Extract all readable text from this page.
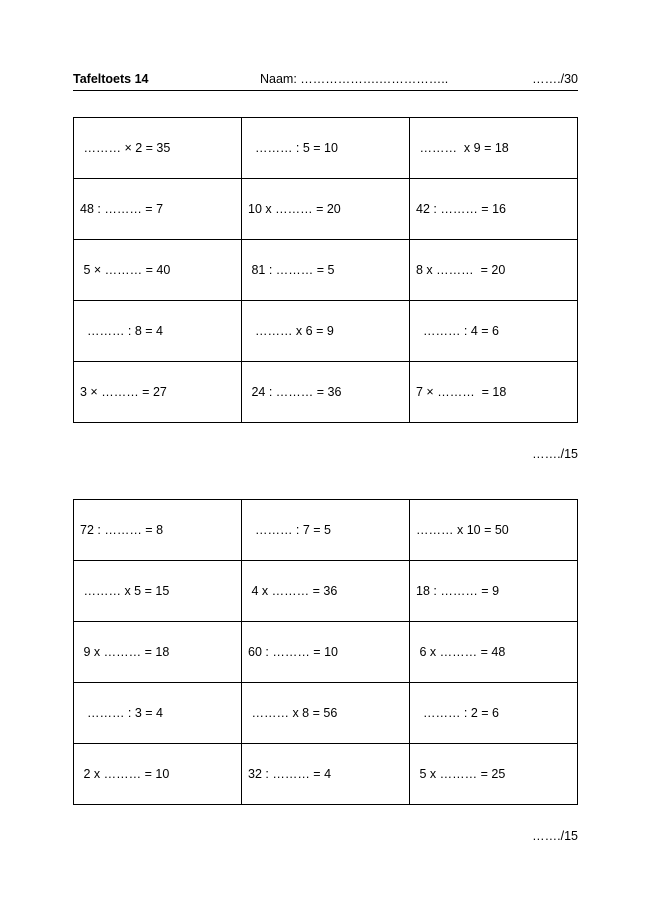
Tafeltoets 14	Naam: ……………….……………..	……./30
……… × 2 = 35	……… : 5 = 10	………  x 9 = 18
48 : ……… = 7	10 x ……… = 20	42 : ……… = 16
5 × ……… = 40	81 : ……… = 5	8 x ………  = 20
……… : 8 = 4	……… x 6 = 9	……… : 4 = 6
3 × ……… = 27	24 : ……… = 36	7 × ………  = 18
……./15
72 : ……… = 8	……… : 7 = 5	……… x 10 = 50
……… x 5 = 15	4 x ……… = 36	18 : ……… = 9
9 x ……… = 18	60 : ……… = 10	6 x ……… = 48
……… : 3 = 4	……… x 8 = 56	……… : 2 = 6
2 x ……… = 10	32 : ……… = 4	5 x ……… = 25
……./15
